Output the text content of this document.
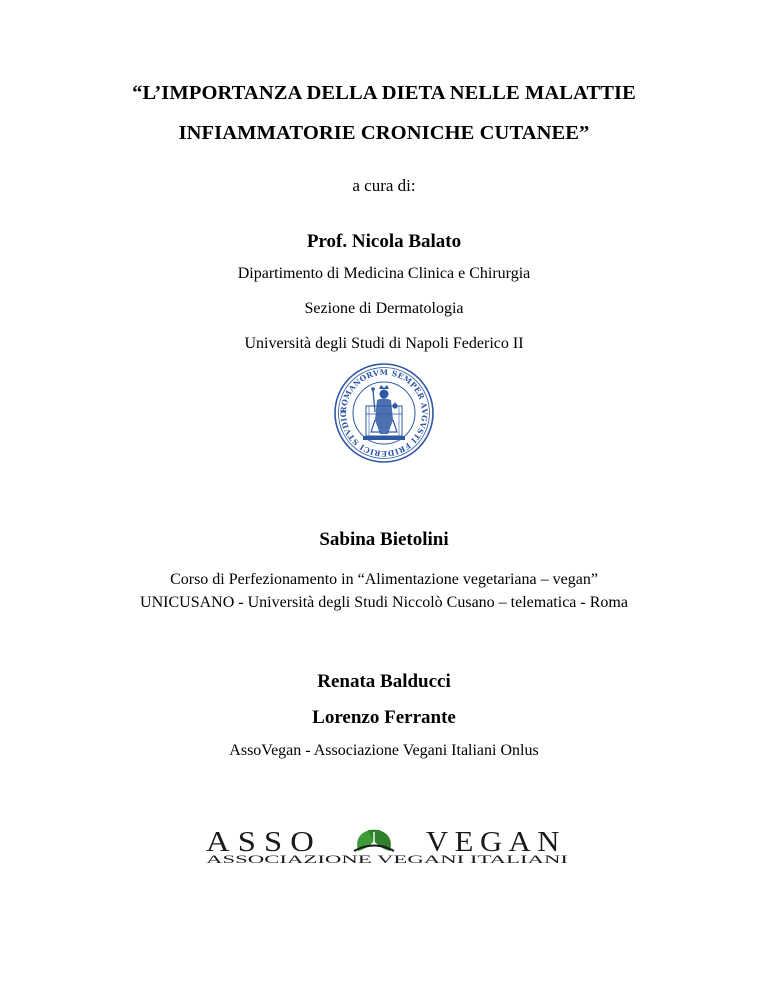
“L’IMPORTANZA DELLA DIETA NELLE MALATTIE
INFIAMMATORIE CRONICHE CUTANEE”
a cura di:
Prof. Nicola Balato
Dipartimento di Medicina Clinica e Chirurgia
Sezione di Dermatologia
Università degli Studi di Napoli Federico II
ROMANORVM SEMPER AVGVSTI FRIDERICI STVDIO
Sabina Bietolini
Corso di Perfezionamento in “Alimentazione vegetariana – vegan”
UNICUSANO - Università degli Studi Niccolò Cusano – telematica - Roma
Renata Balducci
Lorenzo Ferrante
AssoVegan - Associazione Vegani Italiani Onlus
ASSO	VEGAN
ASSOCIAZIONE VEGANI ITALIANI
